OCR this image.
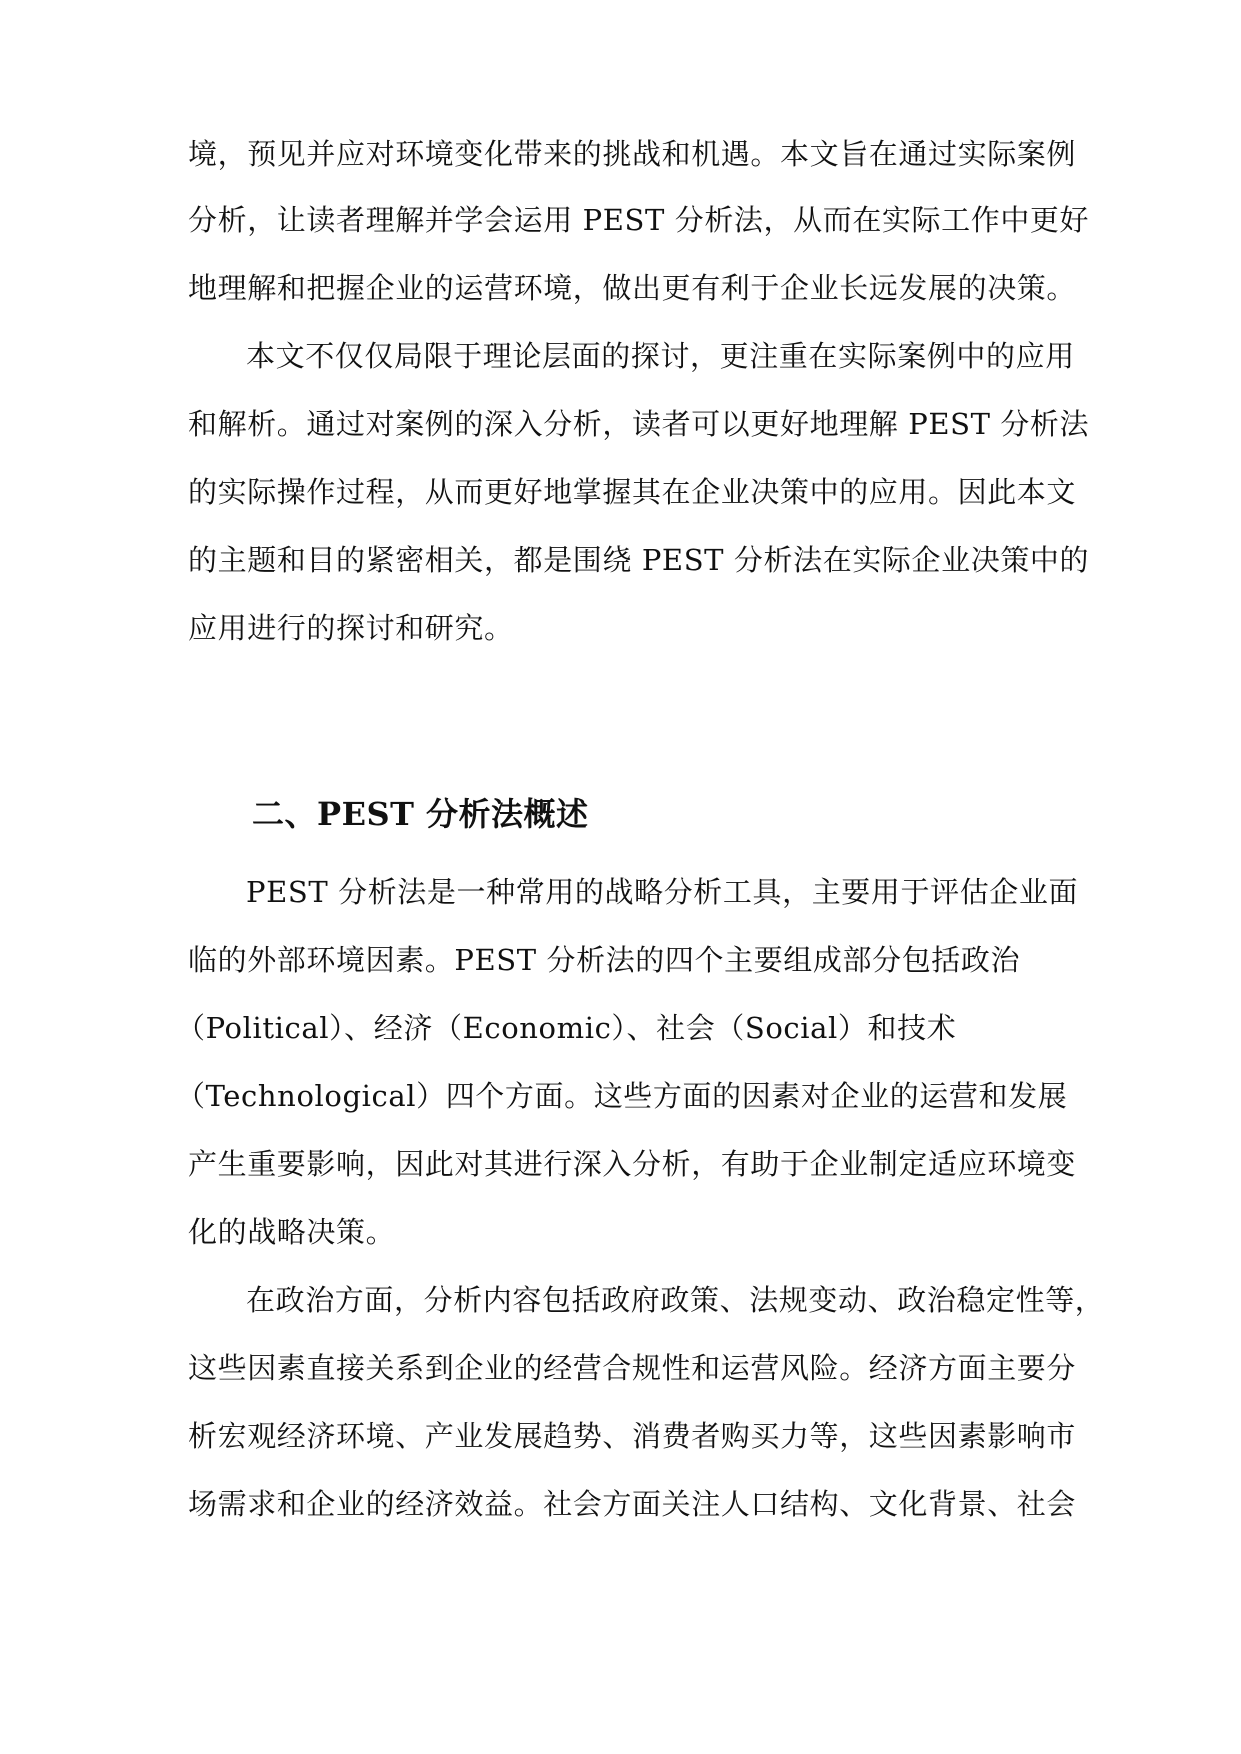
境，预见并应对环境变化带来的挑战和机遇。本文旨在通过实际案例
分析，让读者理解并学会运用 PEST 分析法，从而在实际工作中更好
地理解和把握企业的运营环境，做出更有利于企业长远发展的决策。
本文不仅仅局限于理论层面的探讨，更注重在实际案例中的应用
和解析。通过对案例的深入分析，读者可以更好地理解 PEST 分析法
的实际操作过程，从而更好地掌握其在企业决策中的应用。因此本文
的主题和目的紧密相关，都是围绕 PEST 分析法在实际企业决策中的
应用进行的探讨和研究。
二、PEST 分析法概述
PEST 分析法是一种常用的战略分析工具，主要用于评估企业面
临的外部环境因素。PEST 分析法的四个主要组成部分包括政治
（Political）、经济（Economic）、社会（Social）和技术
（Technological）四个方面。这些方面的因素对企业的运营和发展
产生重要影响，因此对其进行深入分析，有助于企业制定适应环境变
化的战略决策。
在政治方面，分析内容包括政府政策、法规变动、政治稳定性等，
这些因素直接关系到企业的经营合规性和运营风险。经济方面主要分
析宏观经济环境、产业发展趋势、消费者购买力等，这些因素影响市
场需求和企业的经济效益。社会方面关注人口结构、文化背景、社会
